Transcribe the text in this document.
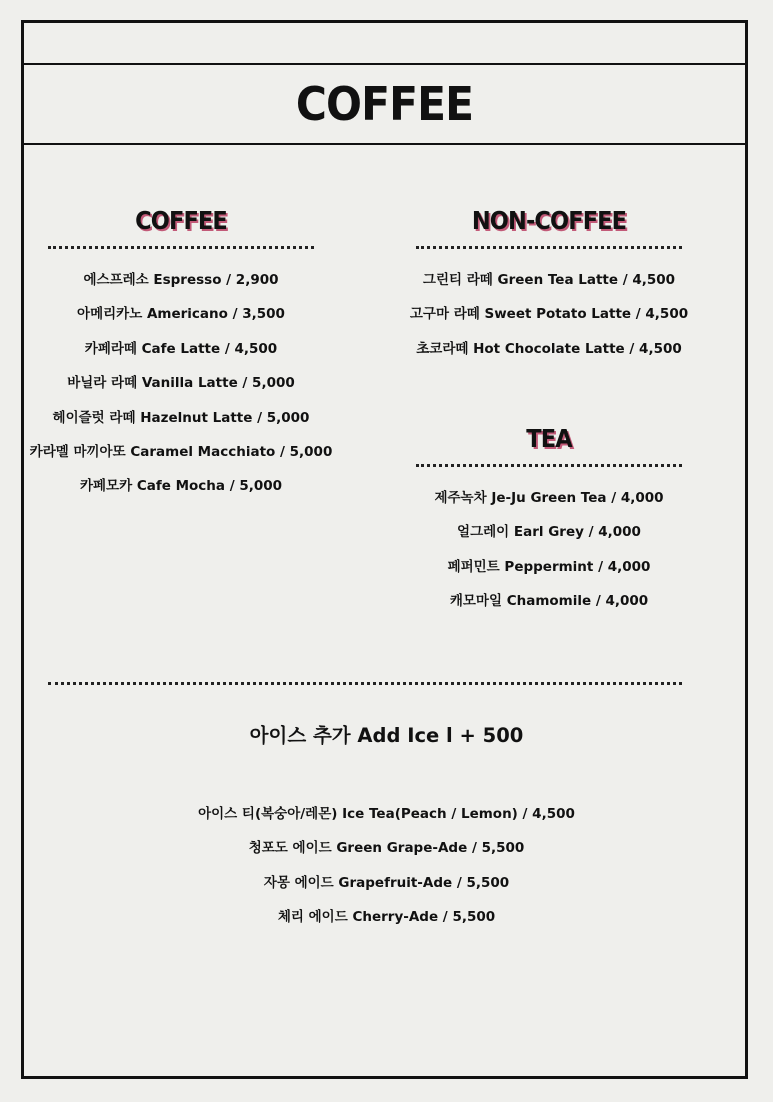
COFFEE
COFFEE
에스프레소 Espresso / 2,900
아메리카노 Americano / 3,500
카페라떼 Cafe Latte / 4,500
바닐라 라떼 Vanilla Latte / 5,000
헤이즐럿 라떼 Hazelnut Latte / 5,000
카라멜 마끼아또 Caramel Macchiato / 5,000
카페모카 Cafe Mocha / 5,000
NON-COFFEE
그린티 라떼 Green Tea Latte / 4,500
고구마 라떼 Sweet Potato Latte / 4,500
초코라떼 Hot Chocolate Latte / 4,500
TEA
제주녹차 Je-Ju Green Tea / 4,000
얼그레이 Earl Grey / 4,000
페퍼민트 Peppermint / 4,000
캐모마일 Chamomile / 4,000
아이스 추가 Add Ice l + 500
아이스 티(복숭아/레몬) Ice Tea(Peach / Lemon) / 4,500
청포도 에이드 Green Grape-Ade / 5,500
자몽 에이드 Grapefruit-Ade / 5,500
체리 에이드 Cherry-Ade / 5,500
